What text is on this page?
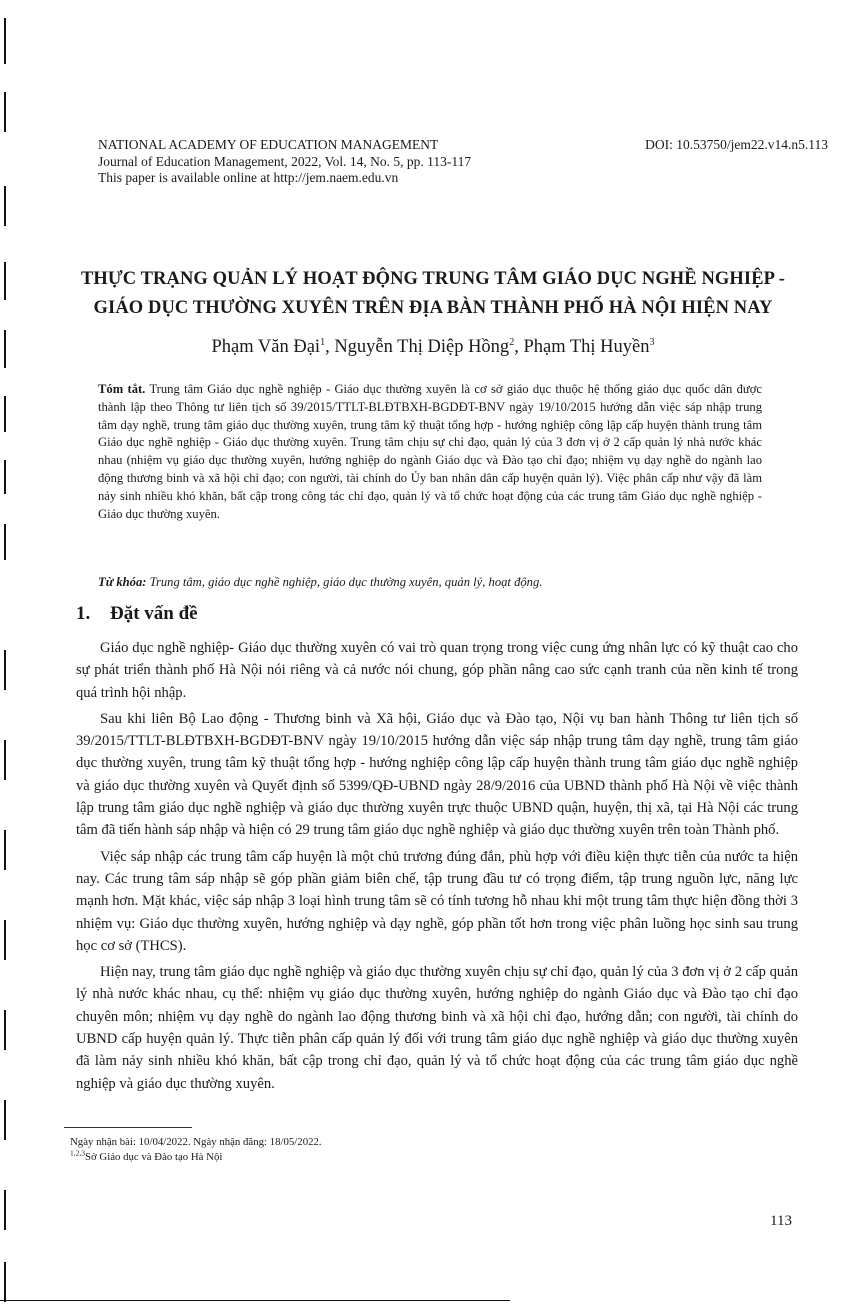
NATIONAL ACADEMY OF EDUCATION MANAGEMENT	DOI: 10.53750/jem22.v14.n5.113
Journal of Education Management, 2022, Vol. 14, No. 5, pp. 113-117
This paper is available online at http://jem.naem.edu.vn
THỰC TRẠNG QUẢN LÝ HOẠT ĐỘNG TRUNG TÂM GIÁO DỤC NGHỀ NGHIỆP -
GIÁO DỤC THƯỜNG XUYÊN TRÊN ĐỊA BÀN THÀNH PHỐ HÀ NỘI HIỆN NAY
Phạm Văn Đại$^1$, Nguyễn Thị Diệp Hồng$^2$, Phạm Thị Huyền$^3$
Tóm tắt. Trung tâm Giáo dục nghề nghiệp - Giáo dục thường xuyên là cơ sở giáo dục thuộc hệ thống giáo dục quốc dân được thành lập theo Thông tư liên tịch số 39/2015/TTLT-BLĐTBXH-BGDĐT-BNV ngày 19/10/2015 hướng dẫn việc sáp nhập trung tâm dạy nghề, trung tâm giáo dục thường xuyên, trung tâm kỹ thuật tổng hợp - hướng nghiệp công lập cấp huyện thành trung tâm Giáo dục nghề nghiệp - Giáo dục thường xuyên. Trung tâm chịu sự chỉ đạo, quản lý của 3 đơn vị ở 2 cấp quản lý nhà nước khác nhau (nhiệm vụ giáo dục thường xuyên, hướng nghiệp do ngành Giáo dục và Đào tạo chỉ đạo; nhiệm vụ dạy nghề do ngành lao động thương binh và xã hội chỉ đạo; con người, tài chính do Ủy ban nhân dân cấp huyện quản lý). Việc phân cấp như vậy đã làm nảy sinh nhiều khó khăn, bất cập trong công tác chỉ đạo, quản lý và tổ chức hoạt động của các trung tâm Giáo dục nghề nghiệp - Giáo dục thường xuyên.
Từ khóa: Trung tâm, giáo dục nghề nghiệp, giáo dục thường xuyên, quản lý, hoạt động.
1. Đặt vấn đề

Giáo dục nghề nghiệp- Giáo dục thường xuyên có vai trò quan trọng trong việc cung ứng nhân lực có kỹ thuật cao cho sự phát triển thành phố Hà Nội nói riêng và cả nước nói chung, góp phần nâng cao sức cạnh tranh của nền kinh tế trong quá trình hội nhập.

Sau khi liên Bộ Lao động - Thương binh và Xã hội, Giáo dục và Đào tạo, Nội vụ ban hành Thông tư liên tịch số 39/2015/TTLT-BLĐTBXH-BGDĐT-BNV ngày 19/10/2015 hướng dẫn việc sáp nhập trung tâm dạy nghề, trung tâm giáo dục thường xuyên, trung tâm kỹ thuật tổng hợp - hướng nghiệp công lập cấp huyện thành trung tâm giáo dục nghề nghiệp và giáo dục thường xuyên và Quyết định số 5399/QĐ-UBND ngày 28/9/2016 của UBND thành phố Hà Nội về việc thành lập trung tâm giáo dục nghề nghiệp và giáo dục thường xuyên trực thuộc UBND quận, huyện, thị xã, tại Hà Nội các trung tâm đã tiến hành sáp nhập và hiện có 29 trung tâm giáo dục nghề nghiệp và giáo dục thường xuyên trên toàn Thành phố.

Việc sáp nhập các trung tâm cấp huyện là một chủ trương đúng đắn, phù hợp với điều kiện thực tiễn của nước ta hiện nay. Các trung tâm sáp nhập sẽ góp phần giảm biên chế, tập trung đầu tư có trọng điểm, tập trung nguồn lực, năng lực mạnh hơn. Mặt khác, việc sáp nhập 3 loại hình trung tâm sẽ có tính tương hỗ nhau khi một trung tâm thực hiện đồng thời 3 nhiệm vụ: Giáo dục thường xuyên, hướng nghiệp và dạy nghề, góp phần tốt hơn trong việc phân luồng học sinh sau trung học cơ sở (THCS).

Hiện nay, trung tâm giáo dục nghề nghiệp và giáo dục thường xuyên chịu sự chỉ đạo, quản lý của 3 đơn vị ở 2 cấp quản lý nhà nước khác nhau, cụ thể: nhiệm vụ giáo dục thường xuyên, hướng nghiệp do ngành Giáo dục và Đào tạo chỉ đạo chuyên môn; nhiệm vụ dạy nghề do ngành lao động thương binh và xã hội chỉ đạo, hướng dẫn; con người, tài chính do UBND cấp huyện quản lý. Thực tiễn phân cấp quản lý đối với trung tâm giáo dục nghề nghiệp và giáo dục thường xuyên đã làm nảy sinh nhiều khó khăn, bất cập trong chỉ đạo, quản lý và tổ chức hoạt động của các trung tâm giáo dục nghề nghiệp và giáo dục thường xuyên.

Ngày nhận bài: 10/04/2022. Ngày nhận đăng: 18/05/2022.
$^{1,2,3}$Sở Giáo dục và Đào tạo Hà Nội
113
